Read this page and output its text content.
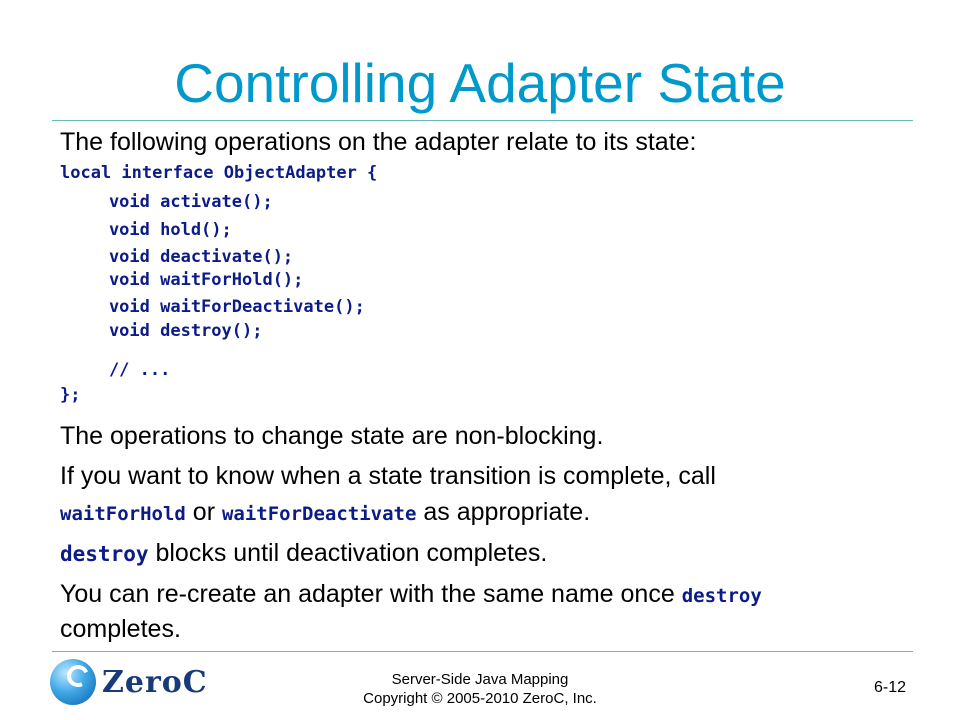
Controlling Adapter State
The following operations on the adapter relate to its state:
local interface ObjectAdapter {
void activate();
void hold();
void deactivate();
void waitForHold();
void waitForDeactivate();
void destroy();
// ...
};
The operations to change state are non-blocking.
If you want to know when a state transition is complete, call
waitForHold or waitForDeactivate as appropriate.
destroy blocks until deactivation completes.
You can re-create an adapter with the same name once destroy
completes.
ZeroC	Server-Side Java Mapping
Copyright © 2005-2010 ZeroC, Inc.
6-12
